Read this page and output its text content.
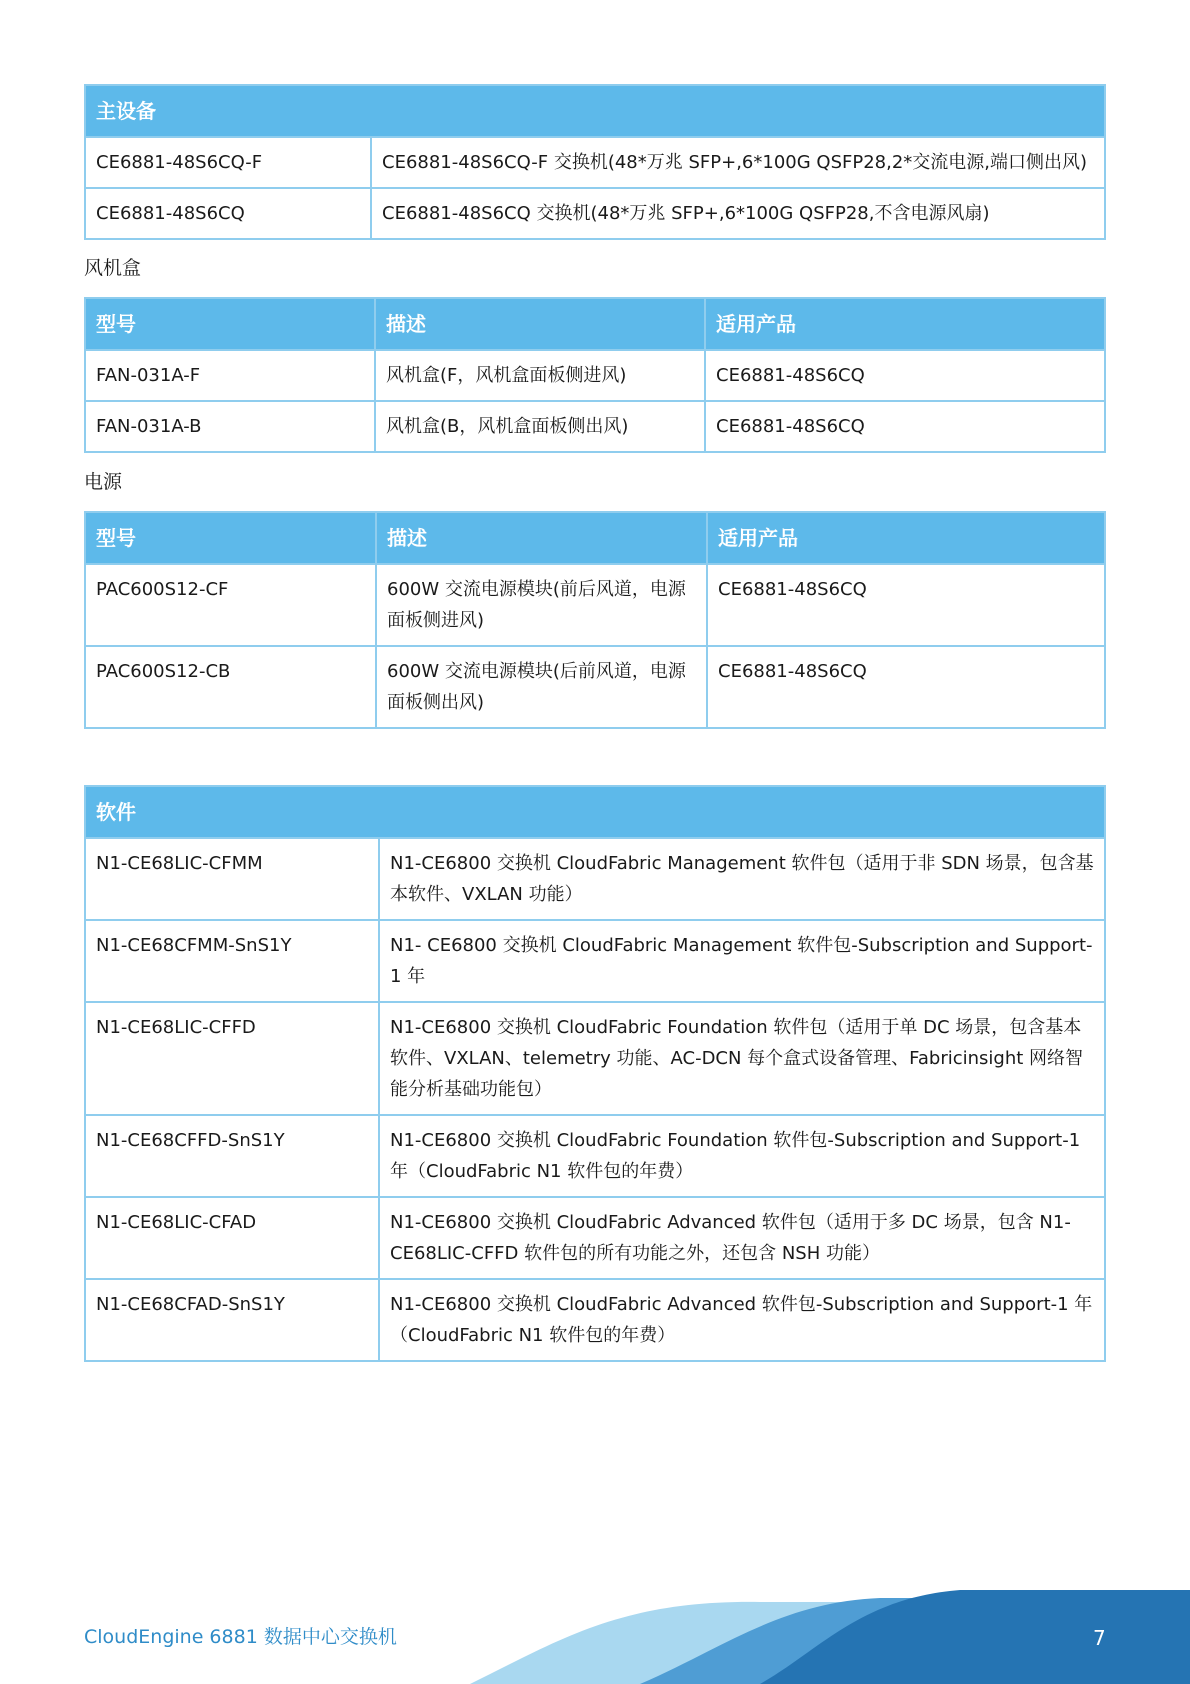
主设备	
CE6881-48S6CQ-F	CE6881-48S6CQ-F 交换机(48*万兆 SFP+,6*100G QSFP28,2*交流电源,端口侧出风)
CE6881-48S6CQ	CE6881-48S6CQ 交换机(48*万兆 SFP+,6*100G QSFP28,不含电源风扇)
风机盒
型号	描述	适用产品
FAN-031A-F	风机盒(F，风机盒面板侧进风)	CE6881-48S6CQ
FAN-031A-B	风机盒(B，风机盒面板侧出风)	CE6881-48S6CQ
电源
型号	描述	适用产品
PAC600S12-CF	600W 交流电源模块(前后风道，电源面板侧进风)	CE6881-48S6CQ
PAC600S12-CB	600W 交流电源模块(后前风道，电源面板侧出风)	CE6881-48S6CQ
软件	
N1-CE68LIC-CFMM	N1-CE6800 交换机 CloudFabric Management 软件包（适用于非 SDN 场景，包含基本软件、VXLAN 功能）
N1-CE68CFMM-SnS1Y	N1- CE6800 交换机 CloudFabric Management 软件包-Subscription and Support-1 年
N1-CE68LIC-CFFD	N1-CE6800 交换机 CloudFabric Foundation 软件包（适用于单 DC 场景，包含基本软件、VXLAN、telemetry 功能、AC-DCN 每个盒式设备管理、Fabricinsight 网络智能分析基础功能包）
N1-CE68CFFD-SnS1Y	N1-CE6800 交换机 CloudFabric Foundation 软件包-Subscription and Support-1 年（CloudFabric N1 软件包的年费）
N1-CE68LIC-CFAD	N1-CE6800 交换机 CloudFabric Advanced 软件包（适用于多 DC 场景，包含 N1-CE68LIC-CFFD 软件包的所有功能之外，还包含 NSH 功能）
N1-CE68CFAD-SnS1Y	N1-CE6800 交换机 CloudFabric Advanced 软件包-Subscription and Support-1 年（CloudFabric N1 软件包的年费）
CloudEngine 6881 数据中心交换机	7
